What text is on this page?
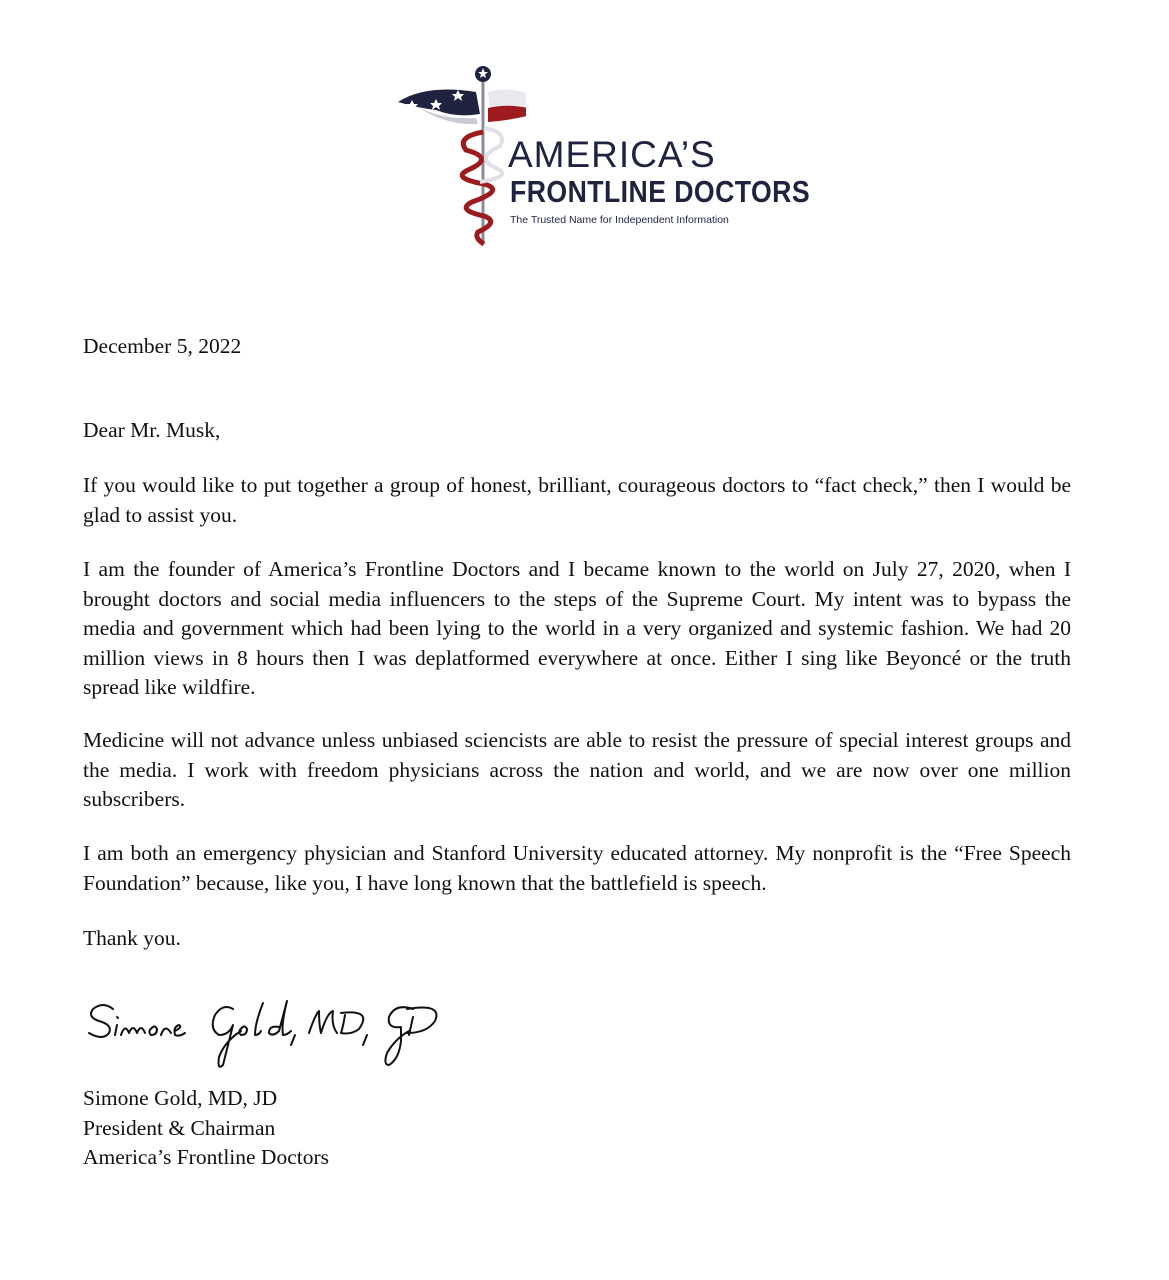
AMERICA’S
FRONTLINE DOCTORS
The Trusted Name for Independent Information
December 5, 2022
Dear Mr. Musk,
If you would like to put together a group of honest, brilliant, courageous doctors to “fact check,” then I would be glad to assist you.
I am the founder of America’s Frontline Doctors and I became known to the world on July 27, 2020, when I brought doctors and social media influencers to the steps of the Supreme Court. My intent was to bypass the media and government which had been lying to the world in a very organized and systemic fashion. We had 20 million views in 8 hours then I was deplatformed everywhere at once. Either I sing like Beyoncé or the truth spread like wildfire.
Medicine will not advance unless unbiased sciencists are able to resist the pressure of special interest groups and the media. I work with freedom physicians across the nation and world, and we are now over one million subscribers.
I am both an emergency physician and Stanford University educated attorney. My nonprofit is the “Free Speech Foundation” because, like you, I have long known that the battlefield is speech.
Thank you.
Simone Gold, MD, JD
Simone Gold, MD, JD
President & Chairman
America’s Frontline Doctors
